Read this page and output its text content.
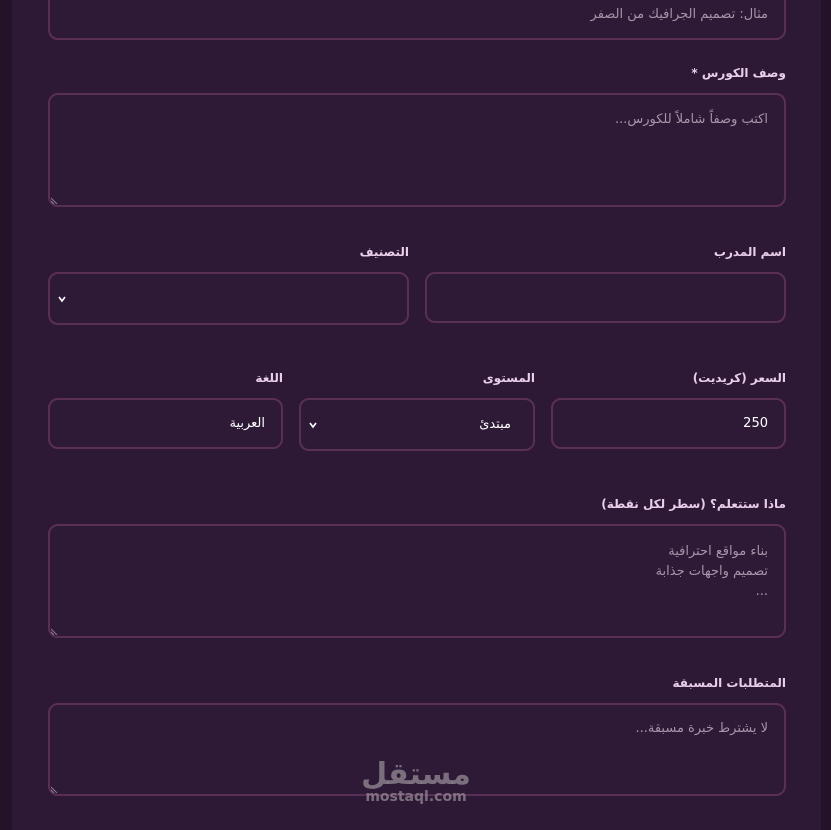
مثال: تصميم الجرافيك من الصفر
وصف الكورس *
اكتب وصفاً شاملاً للكورس...
اسم المدرب
التصنيف
السعر (كريديت)
250
المستوى
مبتدئ
اللغة
العربية
ماذا ستتعلم؟ (سطر لكل نقطة)
بناء مواقع احترافية
تصميم واجهات جذابة
...
المتطلبات المسبقة
لا يشترط خبرة مسبقة...
مستقل
mostaql.com
